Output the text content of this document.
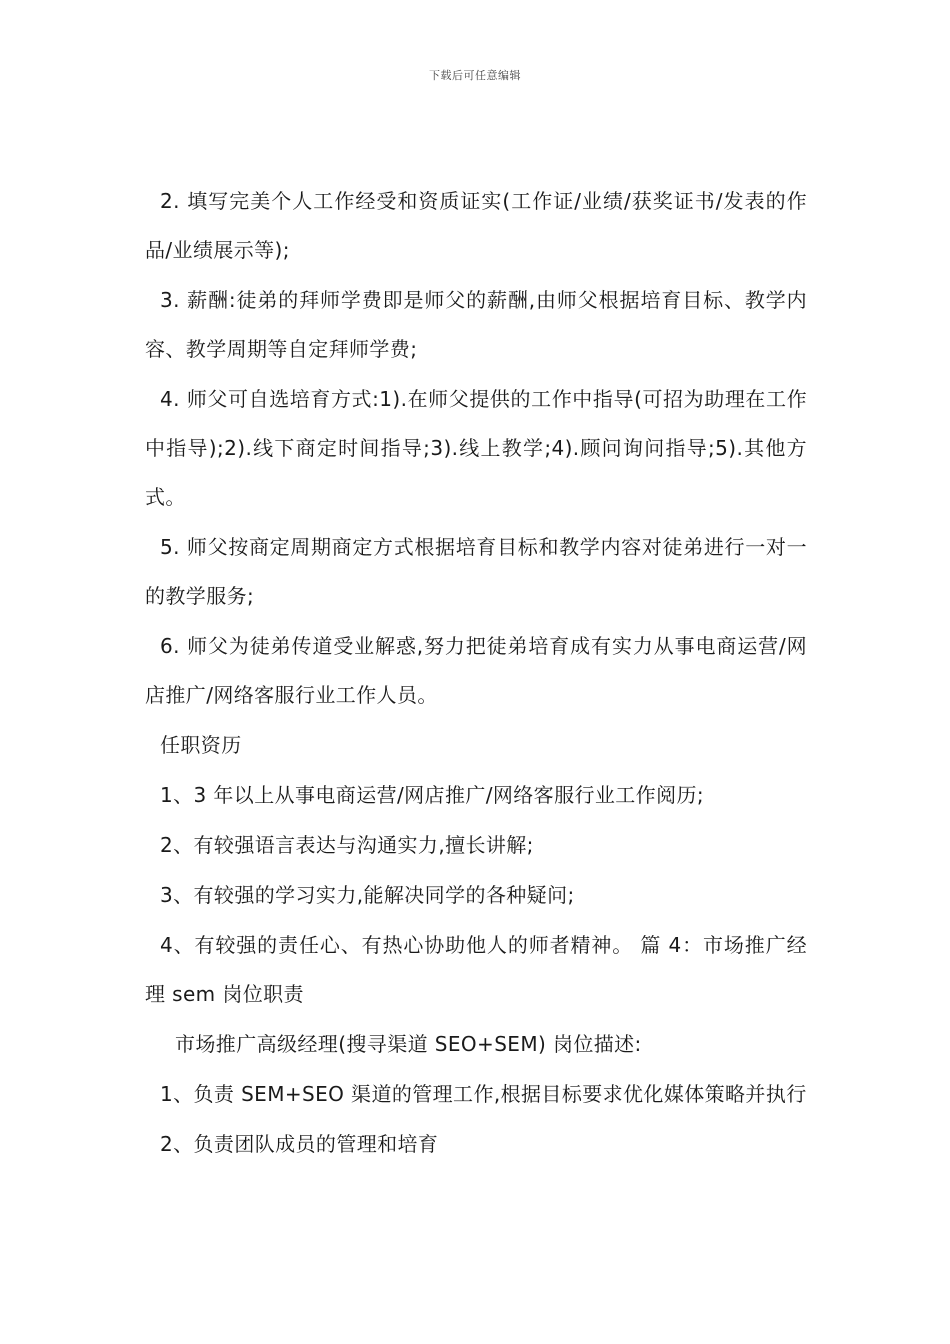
下载后可任意编辑

2. 填写完美个人工作经受和资质证实(工作证/业绩/获奖证书/发表的作品/业绩展示等);

3. 薪酬:徒弟的拜师学费即是师父的薪酬,由师父根据培育目标、教学内容、教学周期等自定拜师学费;

4. 师父可自选培育方式:1).在师父提供的工作中指导(可招为助理在工作中指导);2).线下商定时间指导;3).线上教学;4).顾问询问指导;5).其他方式。

5. 师父按商定周期商定方式根据培育目标和教学内容对徒弟进行一对一的教学服务;

6. 师父为徒弟传道受业解惑,努力把徒弟培育成有实力从事电商运营/网店推广/网络客服行业工作人员。

任职资历

1、3 年以上从事电商运营/网店推广/网络客服行业工作阅历;

2、有较强语言表达与沟通实力,擅长讲解;

3、有较强的学习实力,能解决同学的各种疑问;

4、有较强的责任心、有热心协助他人的师者精神。 篇 4：市场推广经理 sem 岗位职责

市场推广高级经理(搜寻渠道 SEO+SEM) 岗位描述:

1、负责 SEM+SEO 渠道的管理工作,根据目标要求优化媒体策略并执行

2、负责团队成员的管理和培育
